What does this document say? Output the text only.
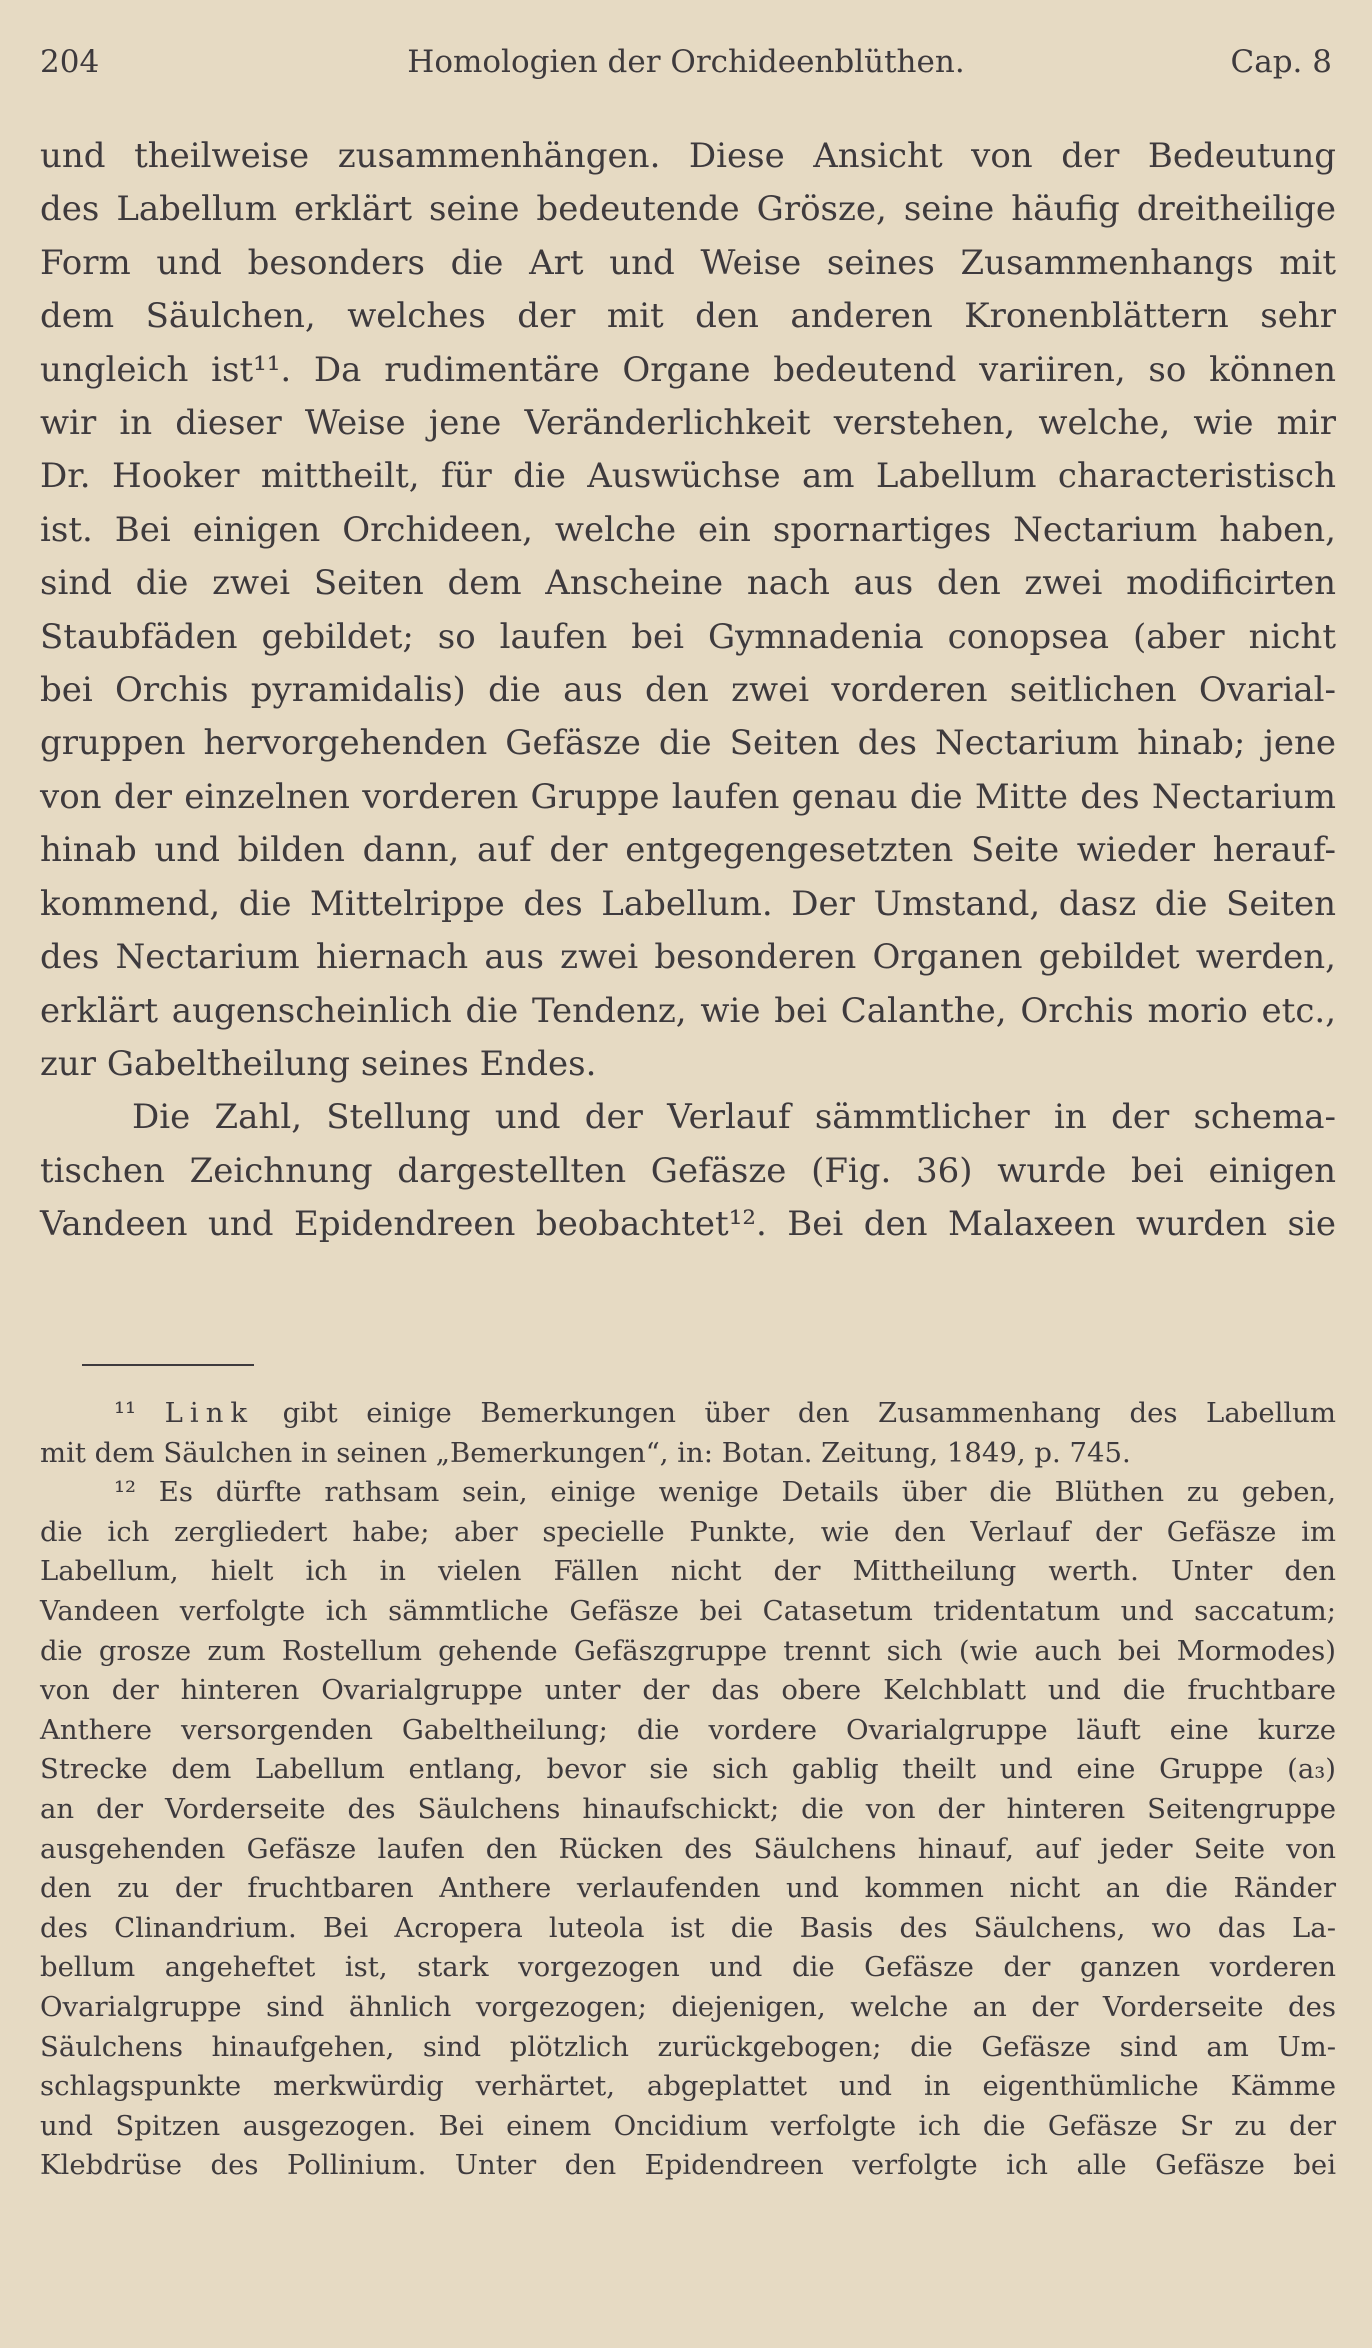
204	Homologien der Orchideenblüthen.	Cap. 8

und theilweise zusammenhängen. Diese Ansicht von der Bedeutung

des Labellum erklärt seine bedeutende Grösze, seine häufig dreitheilige

Form und besonders die Art und Weise seines Zusammenhangs mit

dem Säulchen, welches der mit den anderen Kronenblättern sehr

ungleich ist¹¹. Da rudimentäre Organe bedeutend variiren, so können

wir in dieser Weise jene Veränderlichkeit verstehen, welche, wie mir

Dr. Hooker mittheilt, für die Auswüchse am Labellum characteristisch

ist. Bei einigen Orchideen, welche ein spornartiges Nectarium haben,

sind die zwei Seiten dem Anscheine nach aus den zwei modificirten

Staubfäden gebildet; so laufen bei Gymnadenia conopsea (aber nicht

bei Orchis pyramidalis) die aus den zwei vorderen seitlichen Ovarial-

gruppen hervorgehenden Gefäsze die Seiten des Nectarium hinab; jene

von der einzelnen vorderen Gruppe laufen genau die Mitte des Nectarium

hinab und bilden dann, auf der entgegengesetzten Seite wieder herauf-

kommend, die Mittelrippe des Labellum. Der Umstand, dasz die Seiten

des Nectarium hiernach aus zwei besonderen Organen gebildet werden,

erklärt augenscheinlich die Tendenz, wie bei Calanthe, Orchis morio etc.,

zur Gabeltheilung seines Endes.

Die Zahl, Stellung und der Verlauf sämmtlicher in der schema-

tischen Zeichnung dargestellten Gefäsze (Fig. 36) wurde bei einigen

Vandeen und Epidendreen beobachtet¹². Bei den Malaxeen wurden sie

¹¹ Link gibt einige Bemerkungen über den Zusammenhang des Labellum
mit dem Säulchen in seinen „Bemerkungen“, in: Botan. Zeitung, 1849, p. 745.
¹² Es dürfte rathsam sein, einige wenige Details über die Blüthen zu geben,
die ich zergliedert habe; aber specielle Punkte, wie den Verlauf der Gefäsze im
Labellum, hielt ich in vielen Fällen nicht der Mittheilung werth. Unter den
Vandeen verfolgte ich sämmtliche Gefäsze bei Catasetum tridentatum und saccatum;
die grosze zum Rostellum gehende Gefäszgruppe trennt sich (wie auch bei Mormodes)
von der hinteren Ovarialgruppe unter der das obere Kelchblatt und die fruchtbare
Anthere versorgenden Gabeltheilung; die vordere Ovarialgruppe läuft eine kurze
Strecke dem Labellum entlang, bevor sie sich gablig theilt und eine Gruppe (a₃)
an der Vorderseite des Säulchens hinaufschickt; die von der hinteren Seitengruppe
ausgehenden Gefäsze laufen den Rücken des Säulchens hinauf, auf jeder Seite von
den zu der fruchtbaren Anthere verlaufenden und kommen nicht an die Ränder
des Clinandrium. Bei Acropera luteola ist die Basis des Säulchens, wo das La-
bellum angeheftet ist, stark vorgezogen und die Gefäsze der ganzen vorderen
Ovarialgruppe sind ähnlich vorgezogen; diejenigen, welche an der Vorderseite des
Säulchens hinaufgehen, sind plötzlich zurückgebogen; die Gefäsze sind am Um-
schlagspunkte merkwürdig verhärtet, abgeplattet und in eigenthümliche Kämme
und Spitzen ausgezogen. Bei einem Oncidium verfolgte ich die Gefäsze Sr zu der
Klebdrüse des Pollinium. Unter den Epidendreen verfolgte ich alle Gefäsze bei
